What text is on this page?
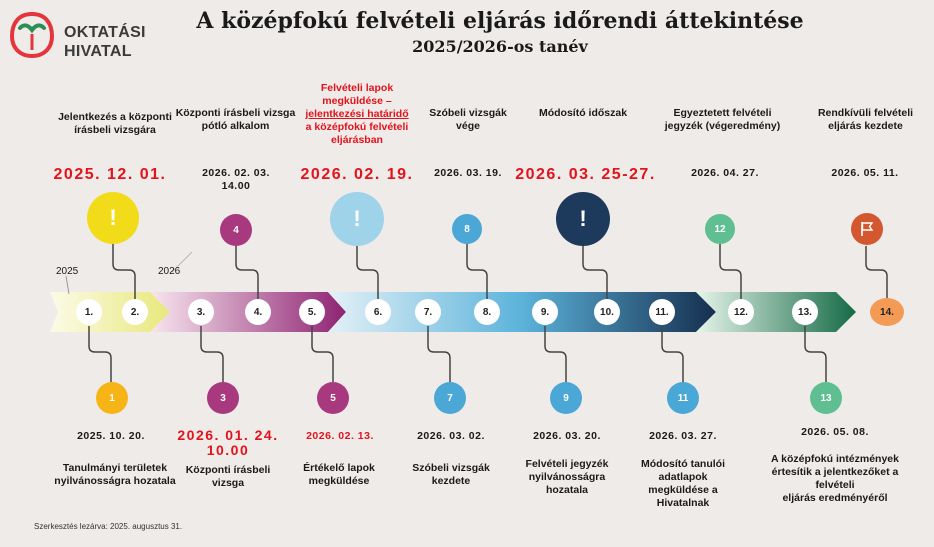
OKTATÁSI
HIVATAL
A középfokú felvételi eljárás időrendi áttekintése
2025/2026-os tanév
2025	2026
1.	2.	3.	4.	5.	6.	7.	8.	9.	10.	11.	12.	13.	14.
Jelentkezés a központi írásbeli vizsgára
2025. 12. 01.
!
Központi írásbeli vizsga pótló alkalom
2026. 02. 03.
14.00
4
Felvételi lapok
megküldése –
jelentkezési határidő
a középfokú felvételi
eljárásban
2026. 02. 19.
!
Szóbeli vizsgák vége
2026. 03. 19.
8
Módosító időszak
2026. 03. 25-27.
!
Egyeztetett felvételi jegyzék (végeredmény)
2026. 04. 27.
12
Rendkívüli felvételi eljárás kezdete
2026. 05. 11.
1
2025. 10. 20.
Tanulmányi területek nyilvánosságra hozatala
3
2026. 01. 24.
10.00
Központi írásbeli vizsga
5
2026. 02. 13.
Értékelő lapok megküldése
7
2026. 03. 02.
Szóbeli vizsgák kezdete
9
2026. 03. 20.
Felvételi jegyzék nyilvánosságra hozatala
11
2026. 03. 27.
Módosító tanulói adatlapok megküldése a Hivatalnak
13
2026. 05. 08.
A középfokú intézmények
értesítik a jelentkezőket a
felvételi
eljárás eredményéről
Szerkesztés lezárva: 2025. augusztus 31.
